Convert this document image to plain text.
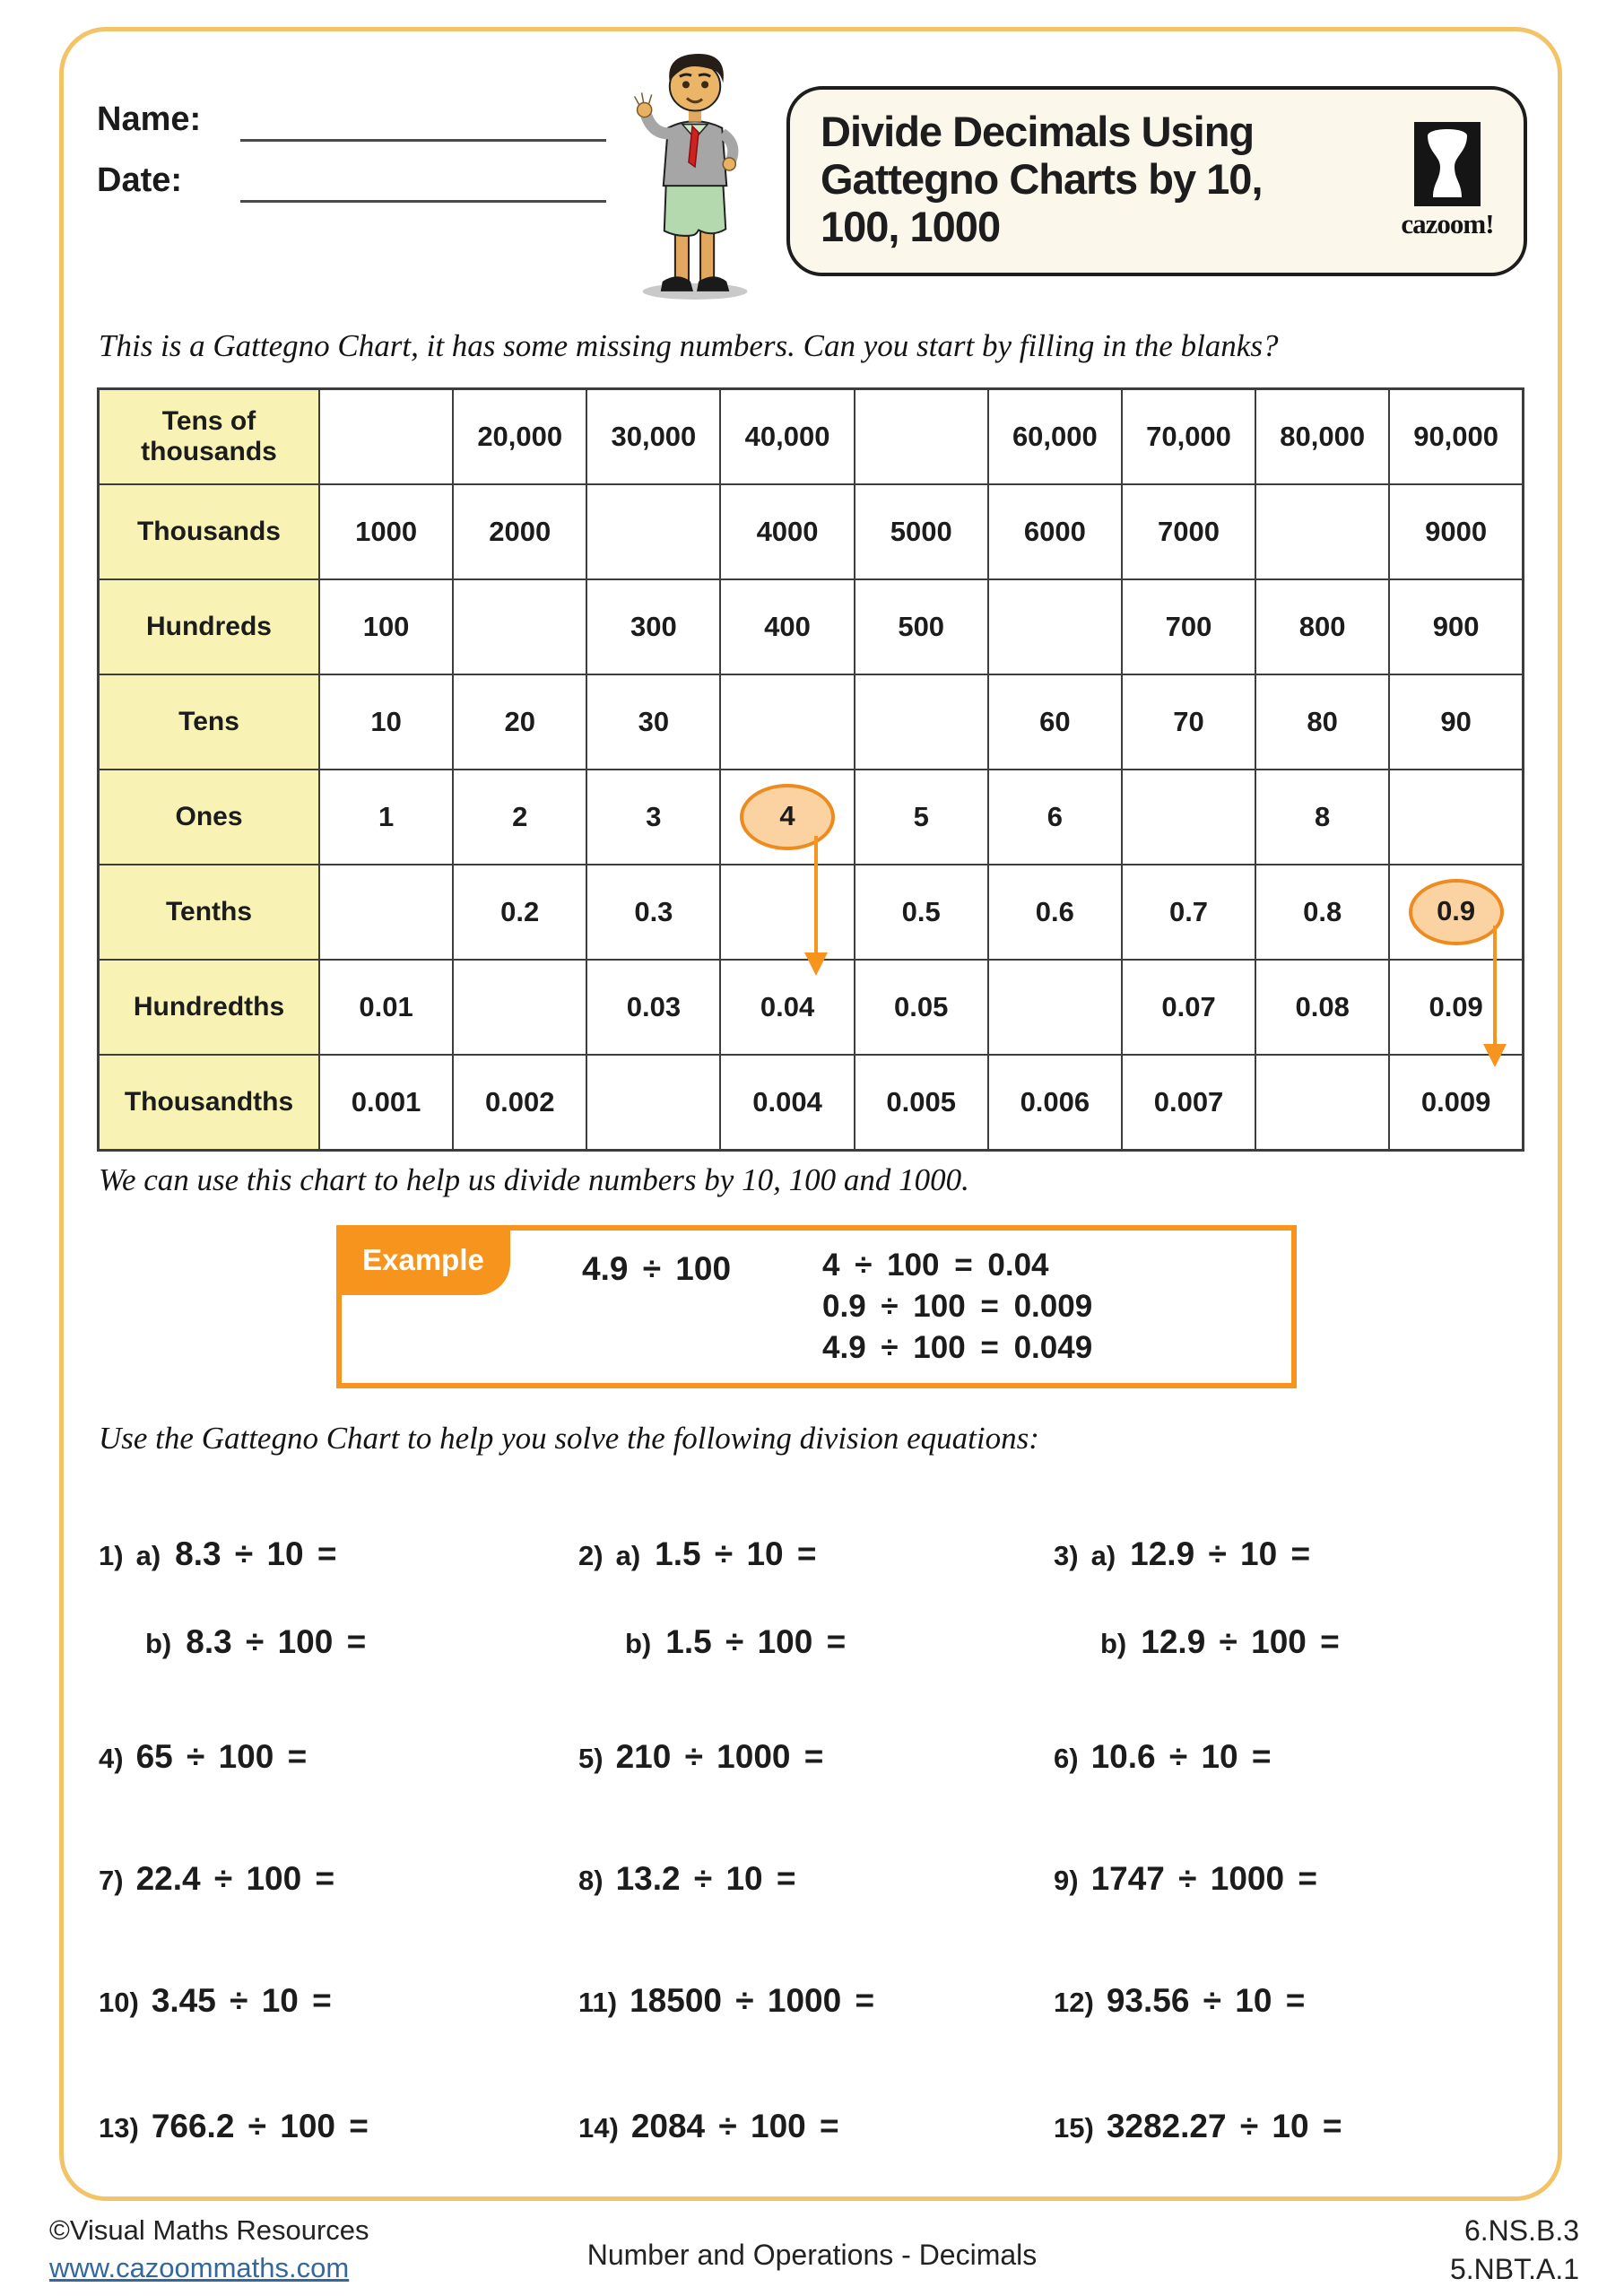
Name:
Date:
Divide Decimals Using
Gattegno Charts by 10,
100, 1000	cazoom!
This is a Gattegno Chart, it has some missing numbers. Can you start by filling in the blanks?
Tens of thousands		20,000	30,000	40,000		60,000	70,000	80,000	90,000
Thousands	1000	2000		4000	5000	6000	7000		9000
Hundreds	100		300	400	500		700	800	900
Tens	10	20	30			60	70	80	90
Ones	1	2	3	4	5	6		8	
Tenths		0.2	0.3		0.5	0.6	0.7	0.8	0.9
Hundredths	0.01		0.03	0.04	0.05		0.07	0.08	0.09
Thousandths	0.001	0.002		0.004	0.005	0.006	0.007		0.009
We can use this chart to help us divide numbers by 10, 100 and 1000.
Example	4.9 ÷ 100	4 ÷ 100 = 0.04
0.9 ÷ 100 = 0.009
4.9 ÷ 100 = 0.049
Use the Gattegno Chart to help you solve the following division equations:
1) a) 8.3 ÷ 10 =	2) a) 1.5 ÷ 10 =	3) a) 12.9 ÷ 10 =
b) 8.3 ÷ 100 =	b) 1.5 ÷ 100 =	b) 12.9 ÷ 100 =
4) 65 ÷ 100 =	5) 210 ÷ 1000 =	6) 10.6 ÷ 10 =
7) 22.4 ÷ 100 =	8) 13.2 ÷ 10 =	9) 1747 ÷ 1000 =
10) 3.45 ÷ 10 =	11) 18500 ÷ 1000 =	12) 93.56 ÷ 10 =
13) 766.2 ÷ 100 =	14) 2084 ÷ 100 =	15) 3282.27 ÷ 10 =
©Visual Maths Resources
www.cazoommaths.com	Number and Operations - Decimals
6.NS.B.3
5.NBT.A.1
